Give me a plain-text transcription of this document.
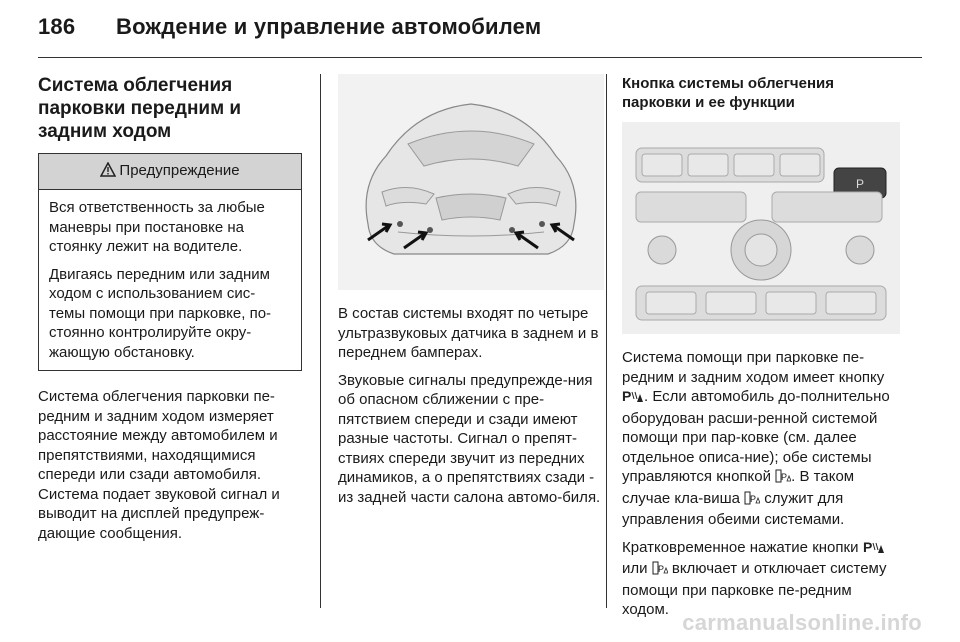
186 Вождение и управление автомобилем
Система облегчения парковки передним и задним ходом
Предупреждение

Вся ответственность за любые маневры при постановке на стоянку лежит на водителе.

Двигаясь передним или задним ходом с использованием сис-темы помощи при парковке, по-стоянно контролируйте окру-жающую обстановку.

Система облегчения парковки пе-редним и задним ходом измеряет расстояние между автомобилем и препятствиями, находящимися спереди или сзади автомобиля. Система подает звуковой сигнал и выводит на дисплей предупреж-дающие сообщения.

В состав системы входят по четыре ультразвуковых датчика в заднем и в переднем бамперах.

Звуковые сигналы предупрежде-ния об опасном сближении с пре-пятствием спереди и сзади имеют разные частоты. Сигнал о препят-ствиях спереди звучит из передних динамиков, а о препятствиях сзади - из задней части салона автомо-биля.

Кнопка системы облегчения парковки и ее функции
P

Система помощи при парковке пе-редним и задним ходом имеет кнопку
P . Если автомобиль до-полнительно оборудован расши-ренной системой помощи при пар-ковке (см. далее отдельное описа-ние); обе системы управляются кнопкой P . В таком случае кла-виша P служит для управления обеими системами.

Кратковременное нажатие кнопки P
или P включает и отключает систему помощи при парковке пе-редним ходом.

carmanualsonline.info
